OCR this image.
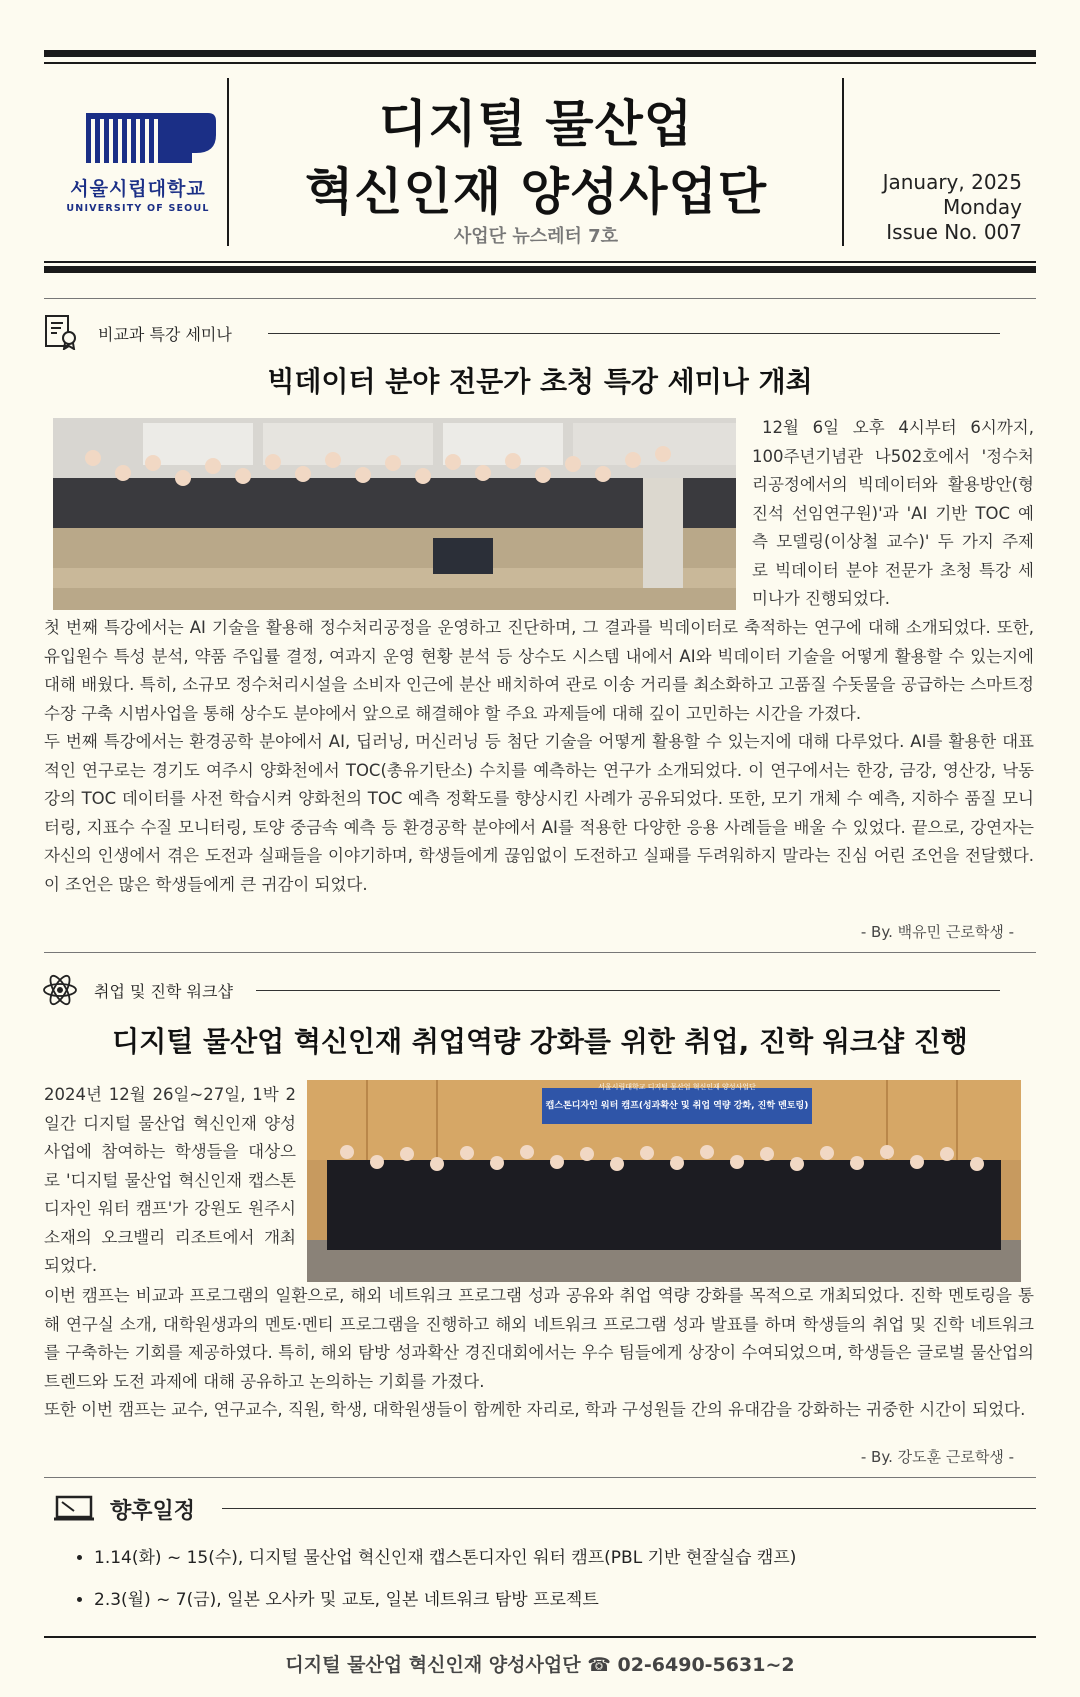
서울시립대학교
UNIVERSITY OF SEOUL
디지털 물산업
혁신인재 양성사업단
사업단 뉴스레터 7호
January, 2025
Monday
Issue No. 007
비교과 특강 세미나
빅데이터 분야 전문가 초청 특강 세미나 개최

12월 6일 오후 4시부터 6시까지, 100주년기념관 나502호에서 '정수처리공정에서의 빅데이터와 활용방안(형진석 선임연구원)'과 'AI 기반 TOC 예측 모델링(이상철 교수)' 두 가지 주제로 빅데이터 분야 전문가 초청 특강 세미나가 진행되었다.

첫 번째 특강에서는 AI 기술을 활용해 정수처리공정을 운영하고 진단하며, 그 결과를 빅데이터로 축적하는 연구에 대해 소개되었다. 또한, 유입원수 특성 분석, 약품 주입률 결정, 여과지 운영 현황 분석 등 상수도 시스템 내에서 AI와 빅데이터 기술을 어떻게 활용할 수 있는지에 대해 배웠다. 특히, 소규모 정수처리시설을 소비자 인근에 분산 배치하여 관로 이송 거리를 최소화하고 고품질 수돗물을 공급하는 스마트정수장 구축 시범사업을 통해 상수도 분야에서 앞으로 해결해야 할 주요 과제들에 대해 깊이 고민하는 시간을 가졌다.

두 번째 특강에서는 환경공학 분야에서 AI, 딥러닝, 머신러닝 등 첨단 기술을 어떻게 활용할 수 있는지에 대해 다루었다. AI를 활용한 대표적인 연구로는 경기도 여주시 양화천에서 TOC(총유기탄소) 수치를 예측하는 연구가 소개되었다. 이 연구에서는 한강, 금강, 영산강, 낙동강의 TOC 데이터를 사전 학습시켜 양화천의 TOC 예측 정확도를 향상시킨 사례가 공유되었다. 또한, 모기 개체 수 예측, 지하수 품질 모니터링, 지표수 수질 모니터링, 토양 중금속 예측 등 환경공학 분야에서 AI를 적용한 다양한 응용 사례들을 배울 수 있었다. 끝으로, 강연자는 자신의 인생에서 겪은 도전과 실패들을 이야기하며, 학생들에게 끊임없이 도전하고 실패를 두려워하지 말라는 진심 어린 조언을 전달했다. 이 조언은 많은 학생들에게 큰 귀감이 되었다.

- By. 백유민 근로학생 -
취업 및 진학 워크샵
디지털 물산업 혁신인재 취업역량 강화를 위한 취업, 진학 워크샵 진행

2024년 12월 26일~27일, 1박 2일간 디지털 물산업 혁신인재 양성사업에 참여하는 학생들을 대상으로 '디지털 물산업 혁신인재 캡스톤디자인 워터 캠프'가 강원도 원주시 소재의 오크밸리 리조트에서 개최되었다.

서울시립대학교 디지털 물산업 혁신인재 양성사업단
캡스톤디자인 워터 캠프(성과확산 및 취업 역량 강화, 진학 멘토링)

이번 캠프는 비교과 프로그램의 일환으로, 해외 네트워크 프로그램 성과 공유와 취업 역량 강화를 목적으로 개최되었다. 진학 멘토링을 통해 연구실 소개, 대학원생과의 멘토·멘티 프로그램을 진행하고 해외 네트워크 프로그램 성과 발표를 하며 학생들의 취업 및 진학 네트워크를 구축하는 기회를 제공하였다. 특히, 해외 탐방 성과확산 경진대회에서는 우수 팀들에게 상장이 수여되었으며, 학생들은 글로벌 물산업의 트렌드와 도전 과제에 대해 공유하고 논의하는 기회를 가졌다.

또한 이번 캠프는 교수, 연구교수, 직원, 학생, 대학원생들이 함께한 자리로, 학과 구성원들 간의 유대감을 강화하는 귀중한 시간이 되었다.

- By. 강도훈 근로학생 -
향후일정
• 1.14(화) ~ 15(수), 디지털 물산업 혁신인재 캡스톤디자인 워터 캠프(PBL 기반 현잘실습 캠프)
• 2.3(월) ~ 7(금), 일본 오사카 및 교토, 일본 네트워크 탐방 프로젝트
디지털 물산업 혁신인재 양성사업단 ☎ 02-6490-5631~2
